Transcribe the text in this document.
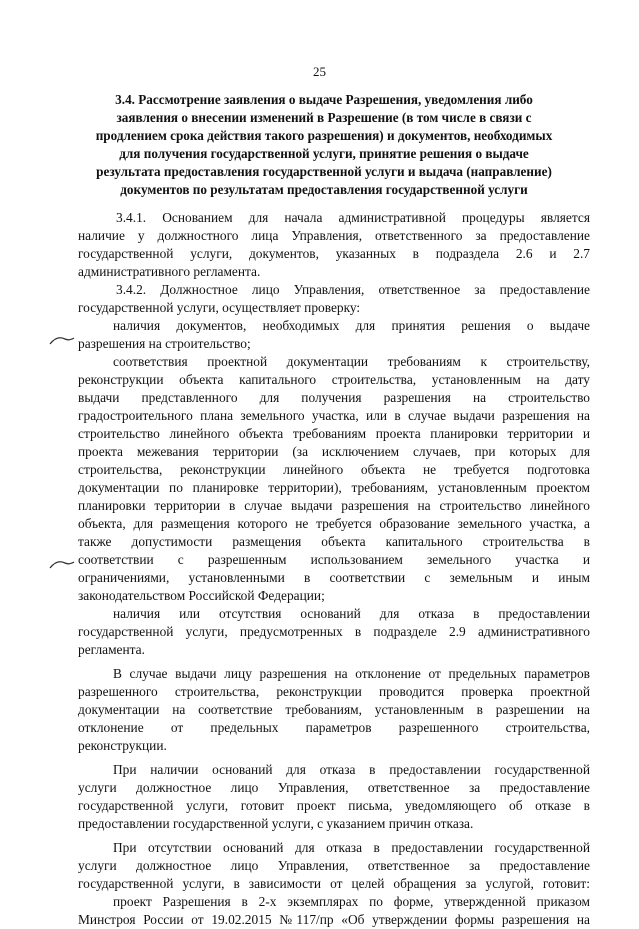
25
3.4. Рассмотрение заявления о выдаче Разрешения, уведомления либо
заявления о внесении изменений в Разрешение (в том числе в связи с
продлением срока действия такого разрешения) и документов, необходимых
для получения государственной услуги, принятие решения о выдаче
результата предоставления государственной услуги и выдача (направление)
документов по результатам предоставления государственной услуги
3.4.1. Основанием для начала административной процедуры является
наличие у должностного лица Управления, ответственного за предоставление
государственной услуги, документов, указанных в подраздела 2.6 и 2.7
административного регламента.
3.4.2. Должностное лицо Управления, ответственное за предоставление
государственной услуги, осуществляет проверку:
наличия документов, необходимых для принятия решения о выдаче
разрешения на строительство;
соответствия проектной документации требованиям к строительству,
реконструкции объекта капитального строительства, установленным на дату
выдачи представленного для получения разрешения на строительство
градостроительного плана земельного участка, или в случае выдачи разрешения на
строительство линейного объекта требованиям проекта планировки территории и
проекта межевания территории (за исключением случаев, при которых для
строительства, реконструкции линейного объекта не требуется подготовка
документации по планировке территории), требованиям, установленным проектом
планировки территории в случае выдачи разрешения на строительство линейного
объекта, для размещения которого не требуется образование земельного участка, а
также допустимости размещения объекта капитального строительства в
соответствии с разрешенным использованием земельного участка и
ограничениями, установленными в соответствии с земельным и иным
законодательством Российской Федерации;
наличия или отсутствия оснований для отказа в предоставлении
государственной услуги, предусмотренных в подразделе 2.9 административного
регламента.
В случае выдачи лицу разрешения на отклонение от предельных параметров
разрешенного строительства, реконструкции проводится проверка проектной
документации на соответствие требованиям, установленным в разрешении на
отклонение от предельных параметров разрешенного строительства,
реконструкции.
При наличии оснований для отказа в предоставлении государственной
услуги должностное лицо Управления, ответственное за предоставление
государственной услуги, готовит проект письма, уведомляющего об отказе в
предоставлении государственной услуги, с указанием причин отказа.
При отсутствии оснований для отказа в предоставлении государственной
услуги должностное лицо Управления, ответственное за предоставление
государственной услуги, в зависимости от целей обращения за услугой, готовит:
проект Разрешения в 2-х экземплярах по форме, утвержденной приказом
Минстроя России от 19.02.2015 №117/пр «Об утверждении формы разрешения на
